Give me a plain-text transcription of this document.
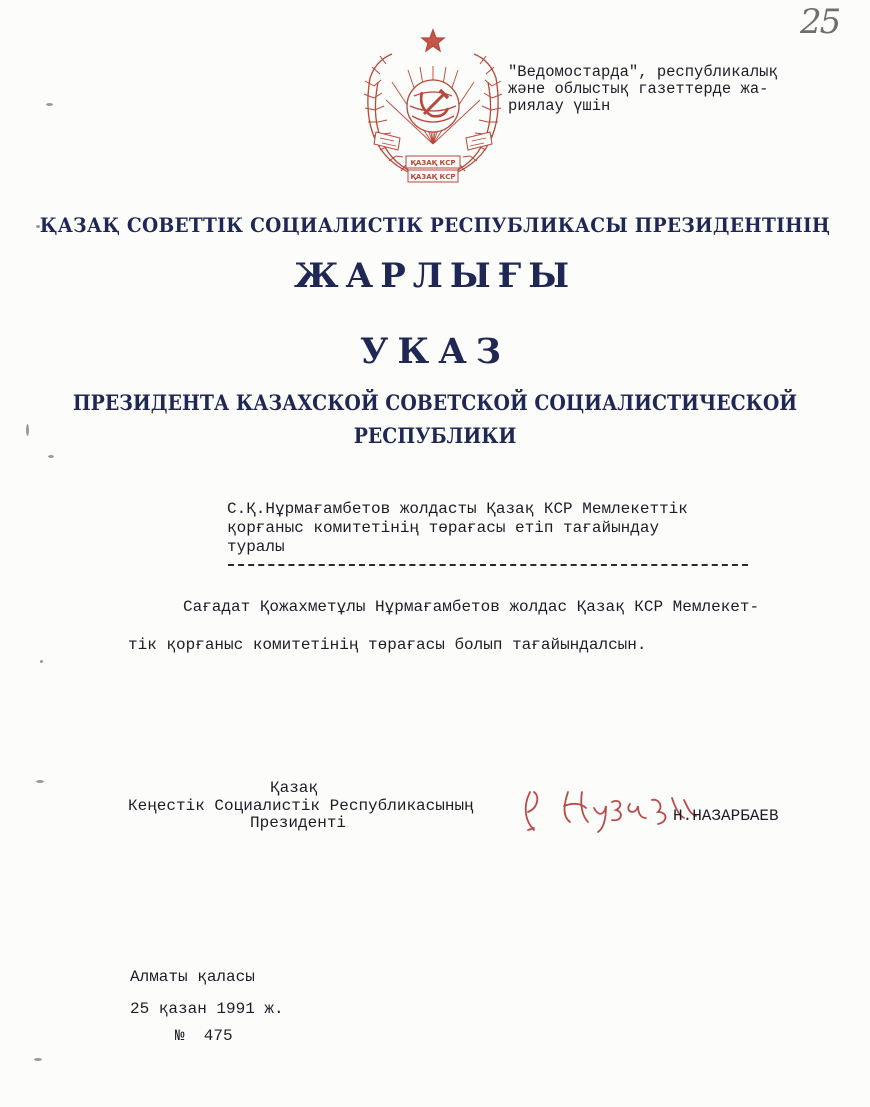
25
ҚАЗАҚ КСР
ҚАЗАҚ КСР
"Ведомостарда", республикалық
және облыстық газеттерде жа-
риялау үшін
ҚАЗАҚ СОВЕТТІК СОЦИАЛИСТІК РЕСПУБЛИКАСЫ ПРЕЗИДЕНТІНІҢ
ЖАРЛЫҒЫ
УКАЗ
ПРЕЗИДЕНТА КАЗАХСКОЙ СОВЕТСКОЙ СОЦИАЛИСТИЧЕСКОЙ
РЕСПУБЛИКИ
С.Қ.Нұрмағамбетов жолдасты Қазақ КСР Мемлекеттік
қорғаныс комитетінің төрағасы етіп тағайындау
туралы
Сағадат Қожахметұлы Нұрмағамбетов жолдас Қазақ КСР Мемлекет-
тік қорғаныс комитетінің төрағасы болып тағайындалсын.
Қазақ
Кеңестік Социалистік Республикасының
Президенті	Н.НАЗАРБАЕВ
Алматы қаласы
25 қазан 1991 ж.
№  475
